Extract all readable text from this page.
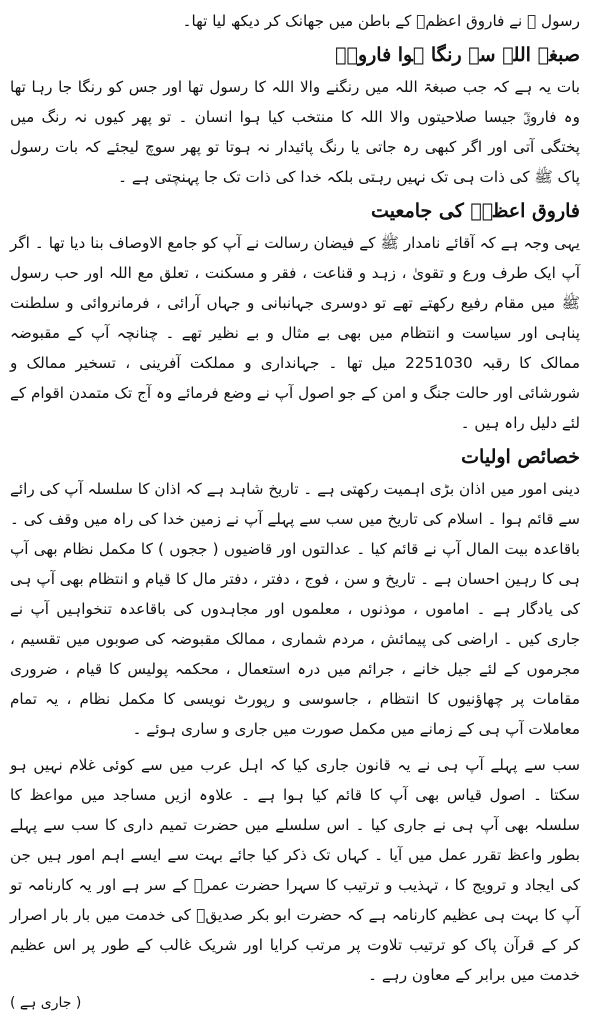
رسول ﷺ نے فاروق اعظمؓ کے باطن میں جھانک کر دیکھ لیا تھا۔

صبغۃ اللہ سے رنگا ہوا فاروقؓ

بات یہ ہے کہ جب صبغۃ اللہ میں رنگنے والا اللہ کا رسول تھا اور جس کو رنگا جا رہا تھا وہ فاروقؓ جیسا صلاحیتوں والا اللہ کا منتخب کیا ہوا انسان ۔ تو پھر کیوں نہ رنگ میں پختگی آتی اور اگر کبھی رہ جاتی یا رنگ پائیدار نہ ہوتا تو پھر سوچ لیجئے کہ بات رسول پاک ﷺ کی ذات ہی تک نہیں رہتی بلکہ خدا کی ذات تک جا پہنچتی ہے ۔

فاروق اعظمؓ کی جامعیت

یہی وجہ ہے کہ آقائے نامدار ﷺ کے فیضان رسالت نے آپ کو جامع الاوصاف بنا دیا تھا ۔ اگر آپ ایک طرف ورع و تقویٰ ، زہد و قناعت ، فقر و مسکنت ، تعلق مع اللہ اور حب رسول ﷺ میں مقام رفیع رکھتے تھے تو دوسری جہانبانی و جہاں آرائی ، فرمانروائی و سلطنت پناہی اور سیاست و انتظام میں بھی بے مثال و بے نظیر تھے ۔ چنانچہ آپ کے مقبوضہ ممالک کا رقبہ 2251030 میل تھا ۔ جہانداری و مملکت آفرینی ، تسخیر ممالک و شورشائی اور حالت جنگ و امن کے جو اصول آپ نے وضع فرمائے وہ آج تک متمدن اقوام کے لئے دلیل راہ ہیں ۔

خصائص اولیات

دینی امور میں اذان بڑی اہمیت رکھتی ہے ۔ تاریخ شاہد ہے کہ اذان کا سلسلہ آپ کی رائے سے قائم ہوا ۔ اسلام کی تاریخ میں سب سے پہلے آپ نے زمین خدا کی راہ میں وقف کی ۔ باقاعدہ بیت المال آپ نے قائم کیا ۔ عدالتوں اور قاضیوں ( ججوں ) کا مکمل نظام بھی آپ ہی کا رہین احسان ہے ۔ تاریخ و سن ، فوج ، دفتر ، دفتر مال کا قیام و انتظام بھی آپ ہی کی یادگار ہے ۔ اماموں ، موذنوں ، معلموں اور مجاہدوں کی باقاعدہ تنخواہیں آپ نے جاری کیں ۔ اراضی کی پیمائش ، مردم شماری ، ممالک مقبوضہ کی صوبوں میں تقسیم ، مجرموں کے لئے جیل خانے ، جرائم میں درہ استعمال ، محکمہ پولیس کا قیام ، ضروری مقامات پر چھاؤنیوں کا انتظام ، جاسوسی و رپورٹ نویسی کا مکمل نظام ، یہ تمام معاملات آپ ہی کے زمانے میں مکمل صورت میں جاری و ساری ہوئے ۔

سب سے پہلے آپ ہی نے یہ قانون جاری کیا کہ اہل عرب میں سے کوئی غلام نہیں ہو سکتا ۔ اصول قیاس بھی آپ کا قائم کیا ہوا ہے ۔ علاوہ ازیں مساجد میں مواعظ کا سلسلہ بھی آپ ہی نے جاری کیا ۔ اس سلسلے میں حضرت تمیم داری کا سب سے پہلے بطور واعظ تقرر عمل میں آیا ۔ کہاں تک ذکر کیا جائے بہت سے ایسے اہم امور ہیں جن کی ایجاد و ترویج کا ، تہذیب و ترتیب کا سہرا حضرت عمرؓ کے سر ہے اور یہ کارنامہ تو آپ کا بہت ہی عظیم کارنامہ ہے کہ حضرت ابو بکر صدیقؓ کی خدمت میں بار بار اصرار کر کے قرآن پاک کو ترتیب تلاوت پر مرتب کرایا اور شریک غالب کے طور پر اس عظیم خدمت میں برابر کے معاون رہے ۔

( جاری ہے )
